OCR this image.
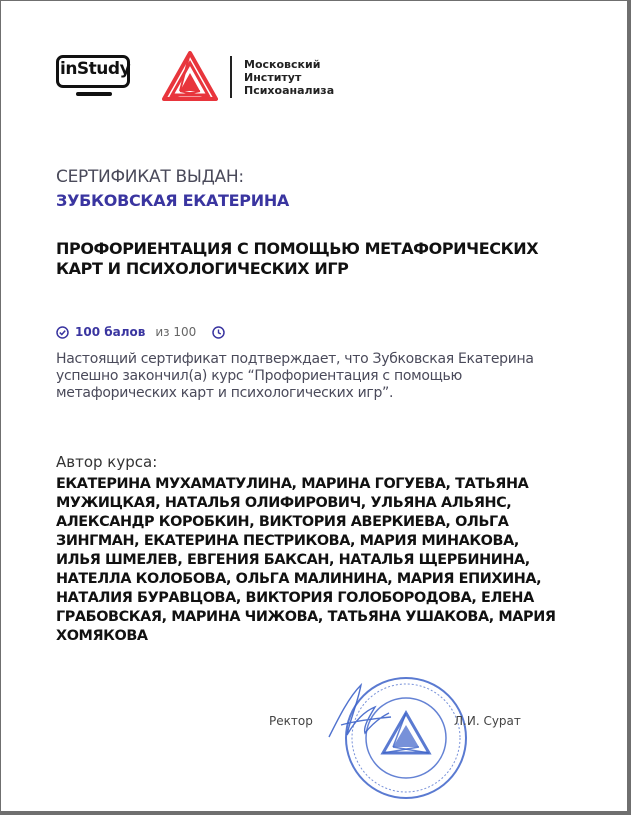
inStudy	Московский
Институт
Психоанализа
СЕРТИФИКАТ ВЫДАН:
ЗУБКОВСКАЯ ЕКАТЕРИНА
ПРОФОРИЕНТАЦИЯ С ПОМОЩЬЮ МЕТАФОРИЧЕСКИХ КАРТ И ПСИХОЛОГИЧЕСКИХ ИГР
100 балов из 100
Настоящий сертификат подтверждает, что Зубковская Екатерина успешно закончил(а) курс “Профориентация с помощью метафорических карт и психологических игр”.
Автор курса:
ЕКАТЕРИНА МУХАМАТУЛИНА, МАРИНА ГОГУЕВА, ТАТЬЯНА МУЖИЦКАЯ, НАТАЛЬЯ ОЛИФИРОВИЧ, УЛЬЯНА АЛЬЯНС, АЛЕКСАНДР КОРОБКИН, ВИКТОРИЯ АВЕРКИЕВА, ОЛЬГА ЗИНГМАН, ЕКАТЕРИНА ПЕСТРИКОВА, МАРИЯ МИНАКОВА, ИЛЬЯ ШМЕЛЕВ, ЕВГЕНИЯ БАКСАН, НАТАЛЬЯ ЩЕРБИНИНА, НАТЕЛЛА КОЛОБОВА, ОЛЬГА МАЛИНИНА, МАРИЯ ЕПИХИНА, НАТАЛИЯ БУРАВЦОВА, ВИКТОРИЯ ГОЛОБОРОДОВА, ЕЛЕНА ГРАБОВСКАЯ, МАРИНА ЧИЖОВА, ТАТЬЯНА УШАКОВА, МАРИЯ ХОМЯКОВА
Ректор	Л.И. Сурат
